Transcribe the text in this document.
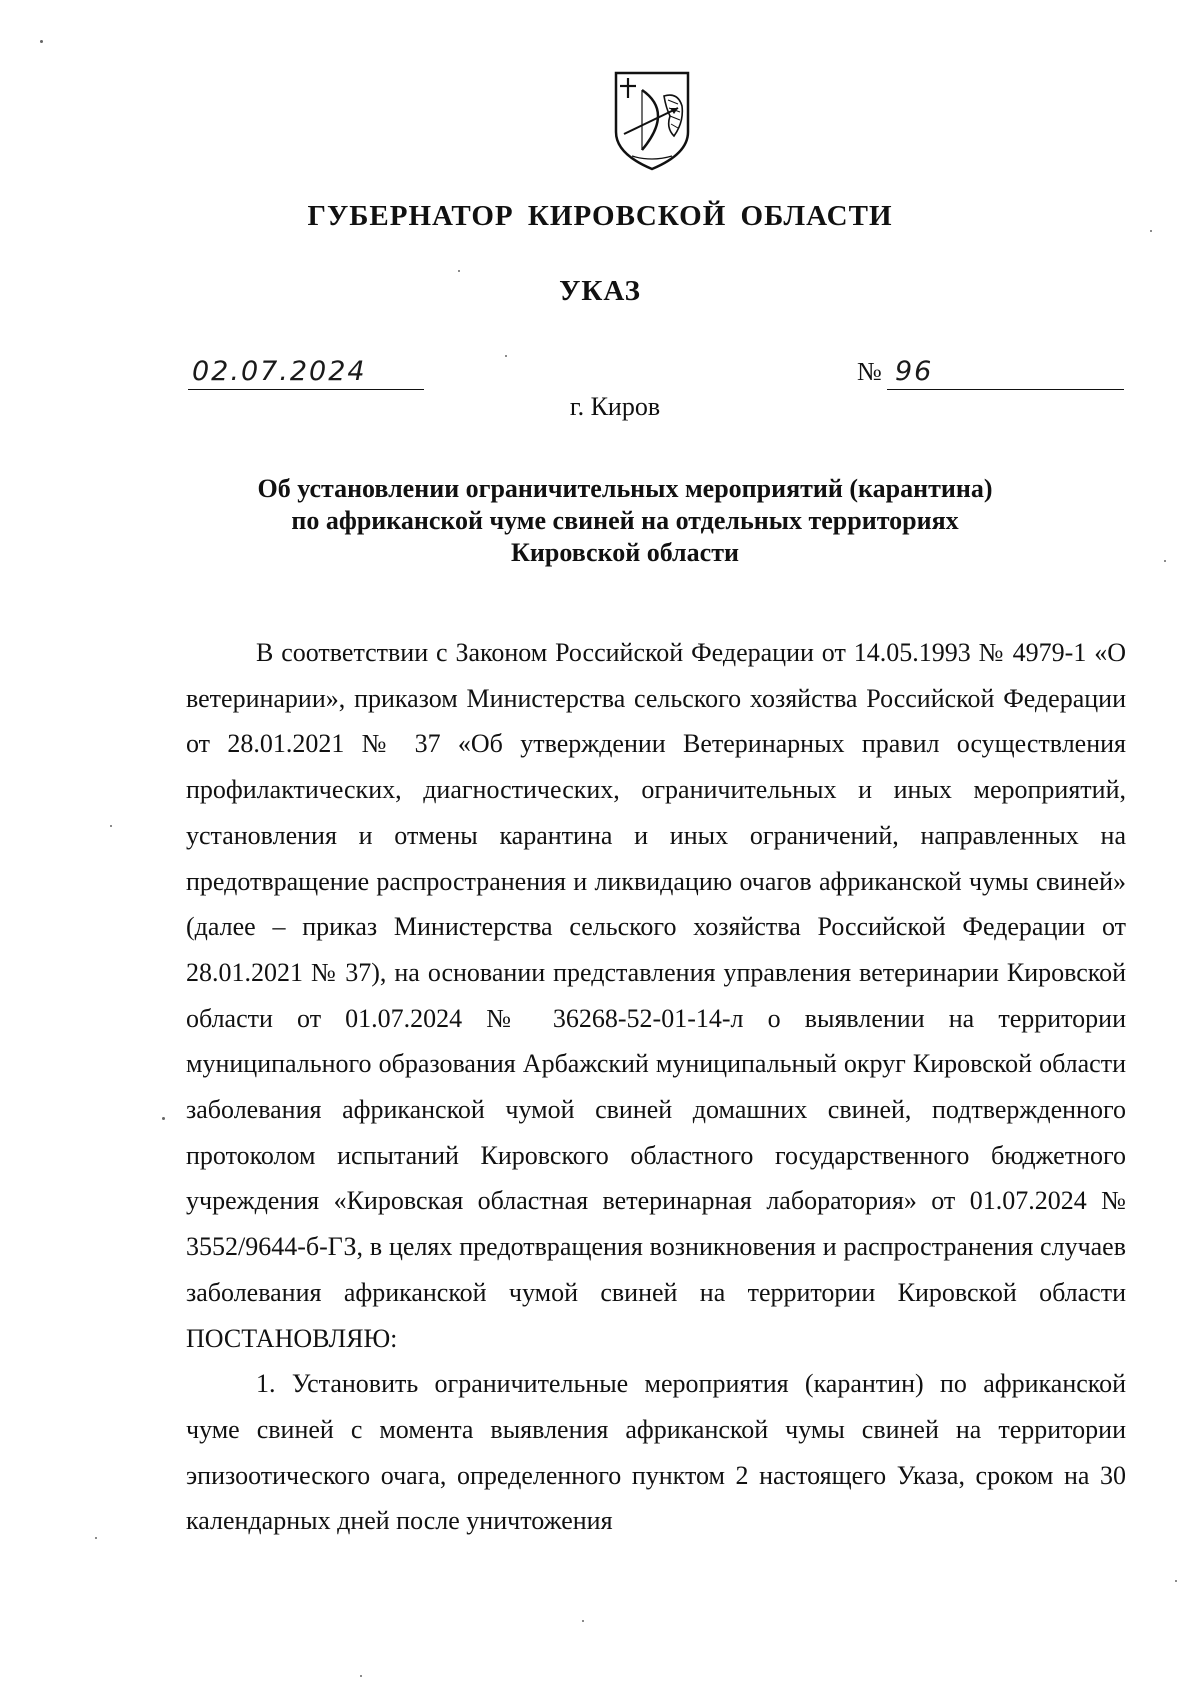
ГУБЕРНАТОР КИРОВСКОЙ ОБЛАСТИ
УКАЗ
02.07.2024	№ 96
г. Киров
Об установлении ограничительных мероприятий (карантина)
по африканской чуме свиней на отдельных территориях
Кировской области

В соответствии с Законом Российской Федерации от 14.05.1993 № 4979-1 «О ветеринарии», приказом Министерства сельского хозяйства Российской Федерации от 28.01.2021 № 37 «Об утверждении Ветеринарных правил осуществления профилактических, диагностических, ограничительных и иных мероприятий, установления и отмены карантина и иных ограничений, направленных на предотвращение распространения и ликвидацию очагов африканской чумы свиней» (далее – приказ Министерства сельского хозяйства Российской Федерации от 28.01.2021 № 37), на основании представления управления ветеринарии Кировской области от 01.07.2024 № 36268-52-01-14-л о выявлении на территории муниципального образования Арбажский муниципальный округ Кировской области заболевания африканской чумой свиней домашних свиней, подтвержденного протоколом испытаний Кировского областного государственного бюджетного учреждения «Кировская областная ветеринарная лаборатория» от 01.07.2024 № 3552/9644-б-ГЗ, в целях предотвращения возникновения и распространения случаев заболевания африканской чумой свиней на территории Кировской области ПОСТАНОВЛЯЮ:

1. Установить ограничительные мероприятия (карантин) по африканской чуме свиней с момента выявления африканской чумы свиней на территории эпизоотического очага, определенного пунктом 2 настоящего Указа, сроком на 30 календарных дней после уничтожения
